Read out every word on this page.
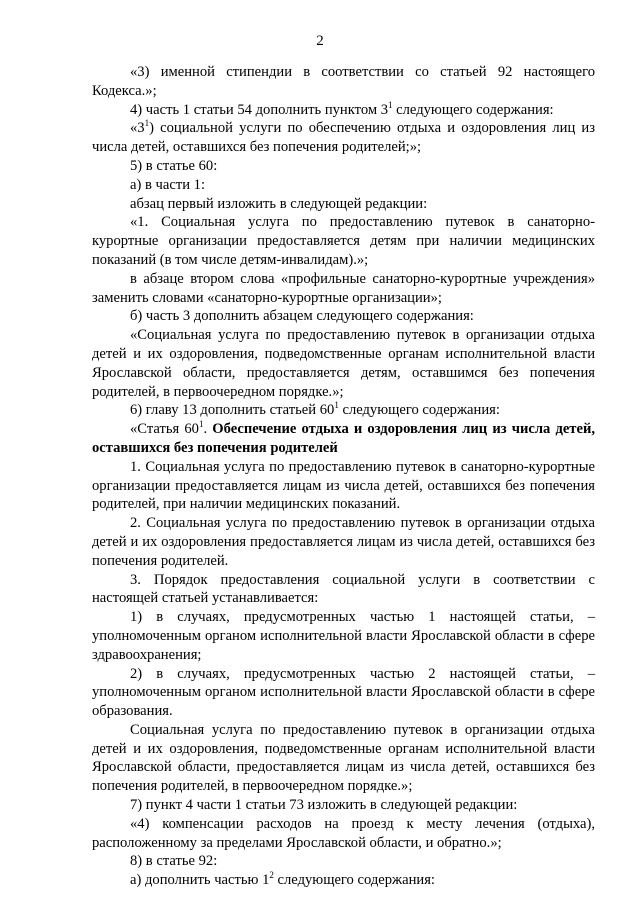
2

«3) именной стипендии в соответствии со статьей 92 настоящего Кодекса.»;

4) часть 1 статьи 54 дополнить пунктом $3^1$ следующего содержания:

«$3^1$) социальной услуги по обеспечению отдыха и оздоровления лиц из числа детей, оставшихся без попечения родителей;»;

5) в статье 60:

а) в части 1:

абзац первый изложить в следующей редакции:

«1. Социальная услуга по предоставлению путевок в санаторно-курортные организации предоставляется детям при наличии медицинских показаний (в том числе детям-инвалидам).»;

в абзаце втором слова «профильные санаторно-курортные учреждения» заменить словами «санаторно-курортные организации»;

б) часть 3 дополнить абзацем следующего содержания:

«Социальная услуга по предоставлению путевок в организации отдыха детей и их оздоровления, подведомственные органам исполнительной власти Ярославской области, предоставляется детям, оставшимся без попечения родителей, в первоочередном порядке.»;

6) главу 13 дополнить статьей $60^1$ следующего содержания:

«Статья $60^1$. Обеспечение отдыха и оздоровления лиц из числа детей, оставшихся без попечения родителей

1. Социальная услуга по предоставлению путевок в санаторно-курортные организации предоставляется лицам из числа детей, оставшихся без попечения родителей, при наличии медицинских показаний.

2. Социальная услуга по предоставлению путевок в организации отдыха детей и их оздоровления предоставляется лицам из числа детей, оставшихся без попечения родителей.

3. Порядок предоставления социальной услуги в соответствии с настоящей статьей устанавливается:

1) в случаях, предусмотренных частью 1 настоящей статьи, – уполномоченным органом исполнительной власти Ярославской области в сфере здравоохранения;

2) в случаях, предусмотренных частью 2 настоящей статьи, – уполномоченным органом исполнительной власти Ярославской области в сфере образования.

Социальная услуга по предоставлению путевок в организации отдыха детей и их оздоровления, подведомственные органам исполнительной власти Ярославской области, предоставляется лицам из числа детей, оставшихся без попечения родителей, в первоочередном порядке.»;

7) пункт 4 части 1 статьи 73 изложить в следующей редакции:

«4) компенсации расходов на проезд к месту лечения (отдыха), расположенному за пределами Ярославской области, и обратно.»;

8) в статье 92:

а) дополнить частью $1^2$ следующего содержания:
